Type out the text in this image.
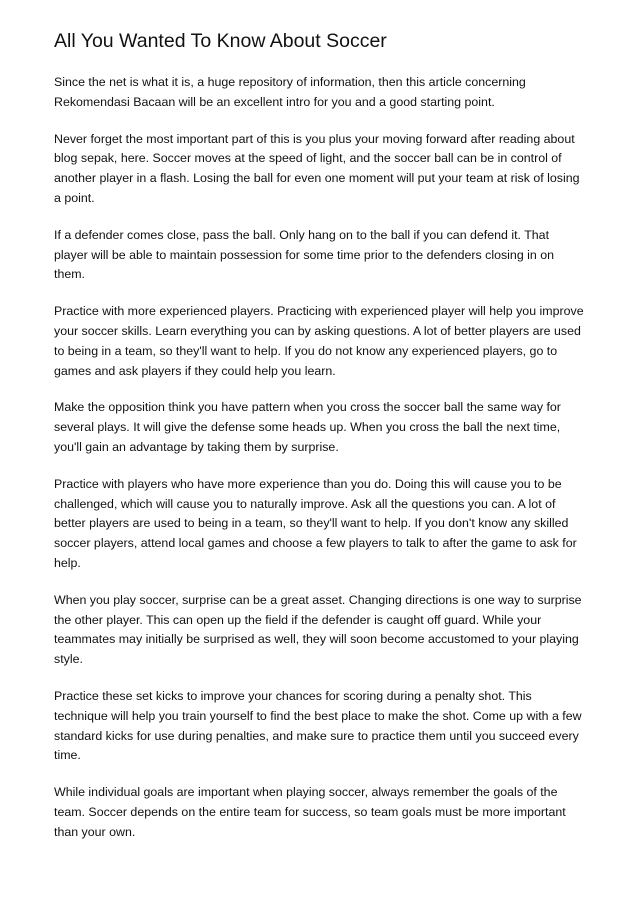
All You Wanted To Know About Soccer

Since the net is what it is, a huge repository of information, then this article concerning Rekomendasi Bacaan will be an excellent intro for you and a good starting point.

Never forget the most important part of this is you plus your moving forward after reading about blog sepak, here. Soccer moves at the speed of light, and the soccer ball can be in control of another player in a flash. Losing the ball for even one moment will put your team at risk of losing a point.

If a defender comes close, pass the ball. Only hang on to the ball if you can defend it. That player will be able to maintain possession for some time prior to the defenders closing in on them.

Practice with more experienced players. Practicing with experienced player will help you improve your soccer skills. Learn everything you can by asking questions. A lot of better players are used to being in a team, so they'll want to help. If you do not know any experienced players, go to games and ask players if they could help you learn.

Make the opposition think you have pattern when you cross the soccer ball the same way for several plays. It will give the defense some heads up. When you cross the ball the next time, you'll gain an advantage by taking them by surprise.

Practice with players who have more experience than you do. Doing this will cause you to be challenged, which will cause you to naturally improve. Ask all the questions you can. A lot of better players are used to being in a team, so they'll want to help. If you don't know any skilled soccer players, attend local games and choose a few players to talk to after the game to ask for help.

When you play soccer, surprise can be a great asset. Changing directions is one way to surprise the other player. This can open up the field if the defender is caught off guard. While your teammates may initially be surprised as well, they will soon become accustomed to your playing style.

Practice these set kicks to improve your chances for scoring during a penalty shot. This technique will help you train yourself to find the best place to make the shot. Come up with a few standard kicks for use during penalties, and make sure to practice them until you succeed every time.

While individual goals are important when playing soccer, always remember the goals of the team. Soccer depends on the entire team for success, so team goals must be more important than your own.
